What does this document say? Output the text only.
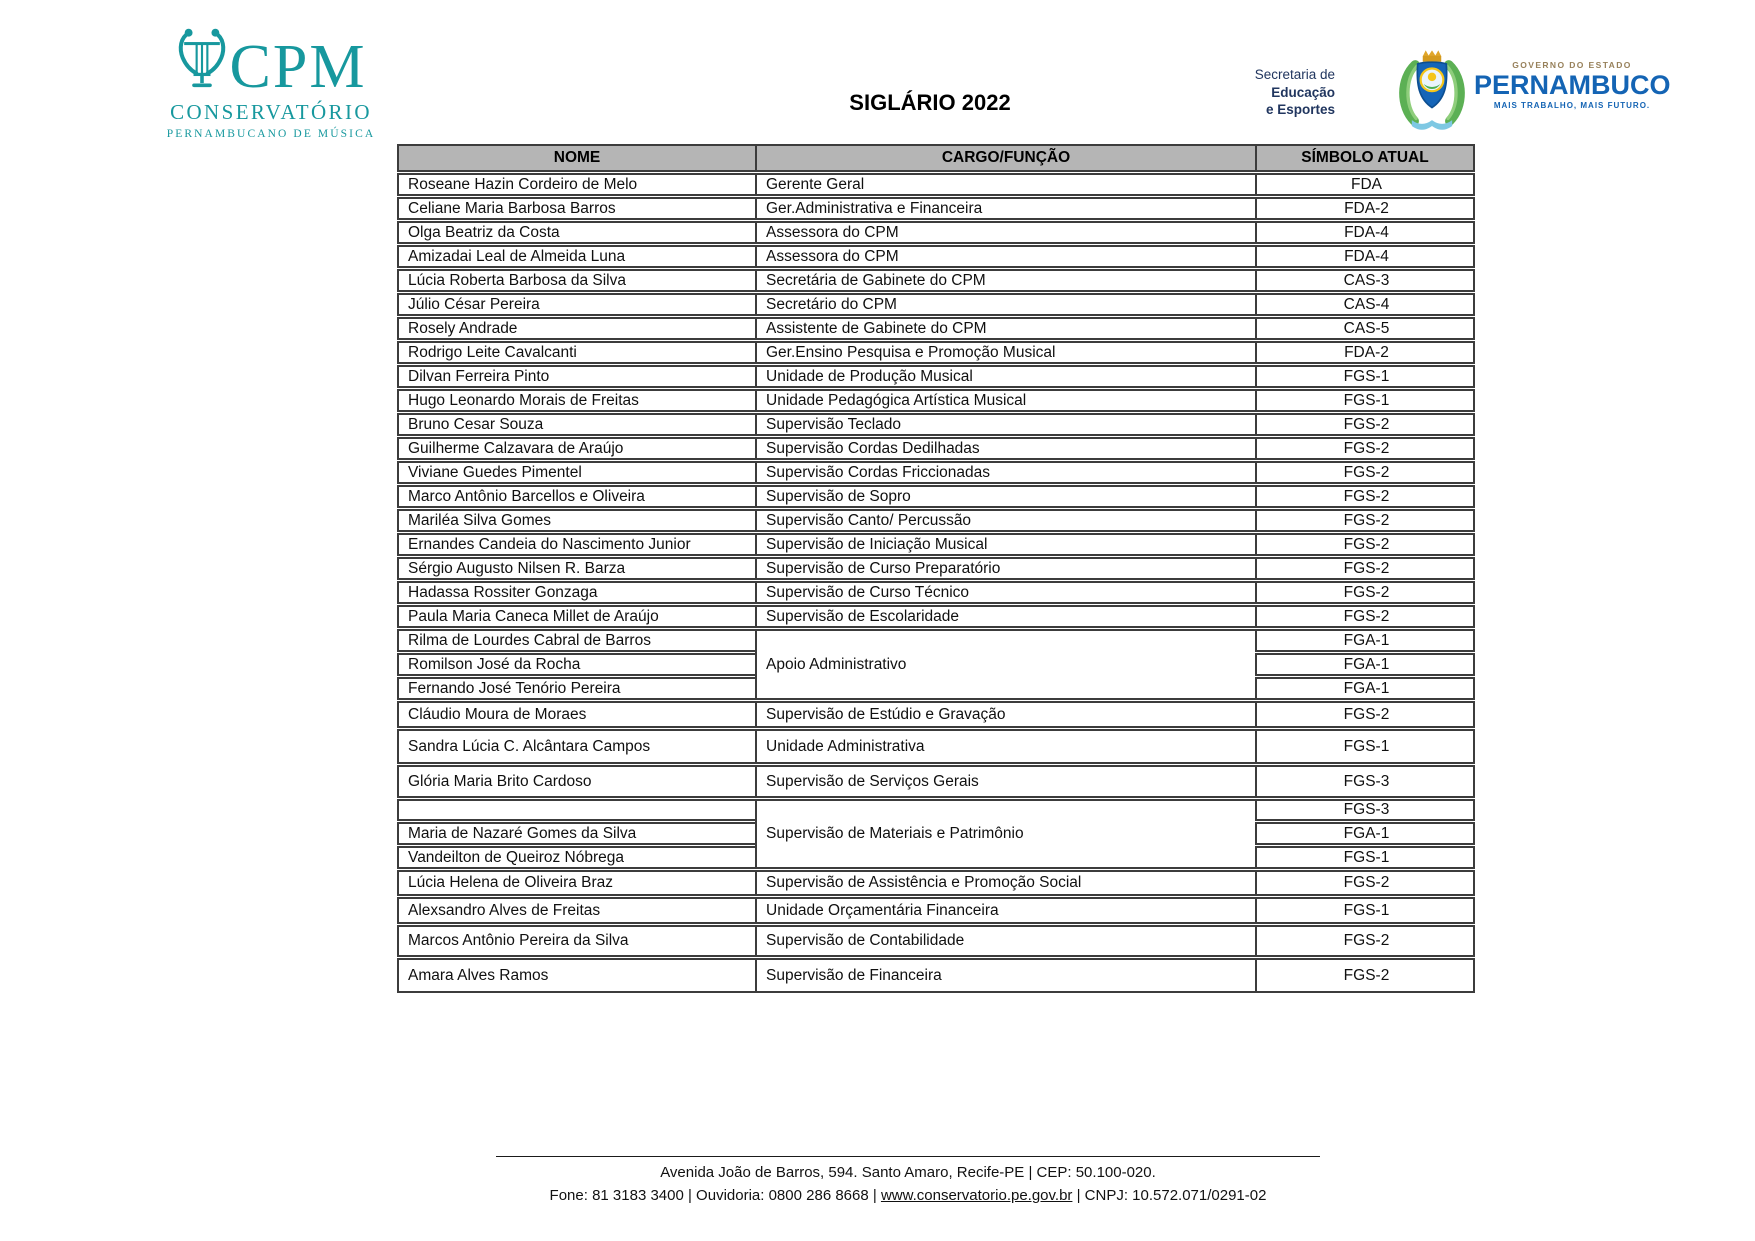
CPM
CONSERVATÓRIO
PERNAMBUCANO DE MÚSICA
SIGLÁRIO 2022
Secretaria de
Educação
e Esportes
GOVERNO DO ESTADO
PERNAMBUCO
MAIS TRABALHO, MAIS FUTURO.
NOME	CARGO/FUNÇÃO	SÍMBOLO ATUAL
Roseane Hazin Cordeiro de Melo	Gerente Geral	FDA
Celiane Maria Barbosa Barros	Ger.Administrativa e Financeira	FDA-2
Olga Beatriz da Costa	Assessora do CPM	FDA-4
Amizadai Leal de Almeida Luna	Assessora do CPM	FDA-4
Lúcia Roberta Barbosa da Silva	Secretária de Gabinete do CPM	CAS-3
Júlio César Pereira	Secretário do CPM	CAS-4
Rosely Andrade	Assistente de Gabinete do CPM	CAS-5
Rodrigo Leite Cavalcanti	Ger.Ensino Pesquisa e Promoção Musical	FDA-2
Dilvan Ferreira Pinto	Unidade de Produção Musical	FGS-1
Hugo Leonardo Morais de Freitas	Unidade Pedagógica Artística Musical	FGS-1
Bruno Cesar Souza	Supervisão Teclado	FGS-2
Guilherme Calzavara de Araújo	Supervisão Cordas Dedilhadas	FGS-2
Viviane Guedes Pimentel	Supervisão Cordas Friccionadas	FGS-2
Marco Antônio Barcellos e Oliveira	Supervisão de Sopro	FGS-2
Mariléa Silva Gomes	Supervisão Canto/ Percussão	FGS-2
Ernandes Candeia do Nascimento Junior	Supervisão de Iniciação Musical	FGS-2
Sérgio Augusto Nilsen R. Barza	Supervisão de Curso Preparatório	FGS-2
Hadassa Rossiter Gonzaga	Supervisão de Curso Técnico	FGS-2
Paula Maria Caneca Millet de Araújo	Supervisão de Escolaridade	FGS-2
Rilma de Lourdes Cabral de Barros	Apoio Administrativo	FGA-1
Romilson José da Rocha		FGA-1
Fernando José Tenório Pereira		FGA-1
Cláudio Moura de Moraes	Supervisão de Estúdio e Gravação	FGS-2
Sandra Lúcia C. Alcântara Campos	Unidade Administrativa	FGS-1
Glória Maria Brito Cardoso	Supervisão de Serviços Gerais	FGS-3
	Supervisão de Materiais e Patrimônio	FGS-3
Maria de Nazaré Gomes da Silva		FGA-1
Vandeilton de Queiroz Nóbrega		FGS-1
Lúcia Helena de Oliveira Braz	Supervisão de Assistência e Promoção Social	FGS-2
Alexsandro Alves de Freitas	Unidade Orçamentária Financeira	FGS-1
Marcos Antônio Pereira da Silva	Supervisão de Contabilidade	FGS-2
Amara Alves Ramos	Supervisão de Financeira	FGS-2
Avenida João de Barros, 594. Santo Amaro, Recife-PE | CEP: 50.100-020.
Fone: 81 3183 3400 | Ouvidoria: 0800 286 8668 | www.conservatorio.pe.gov.br | CNPJ: 10.572.071/0291-02
